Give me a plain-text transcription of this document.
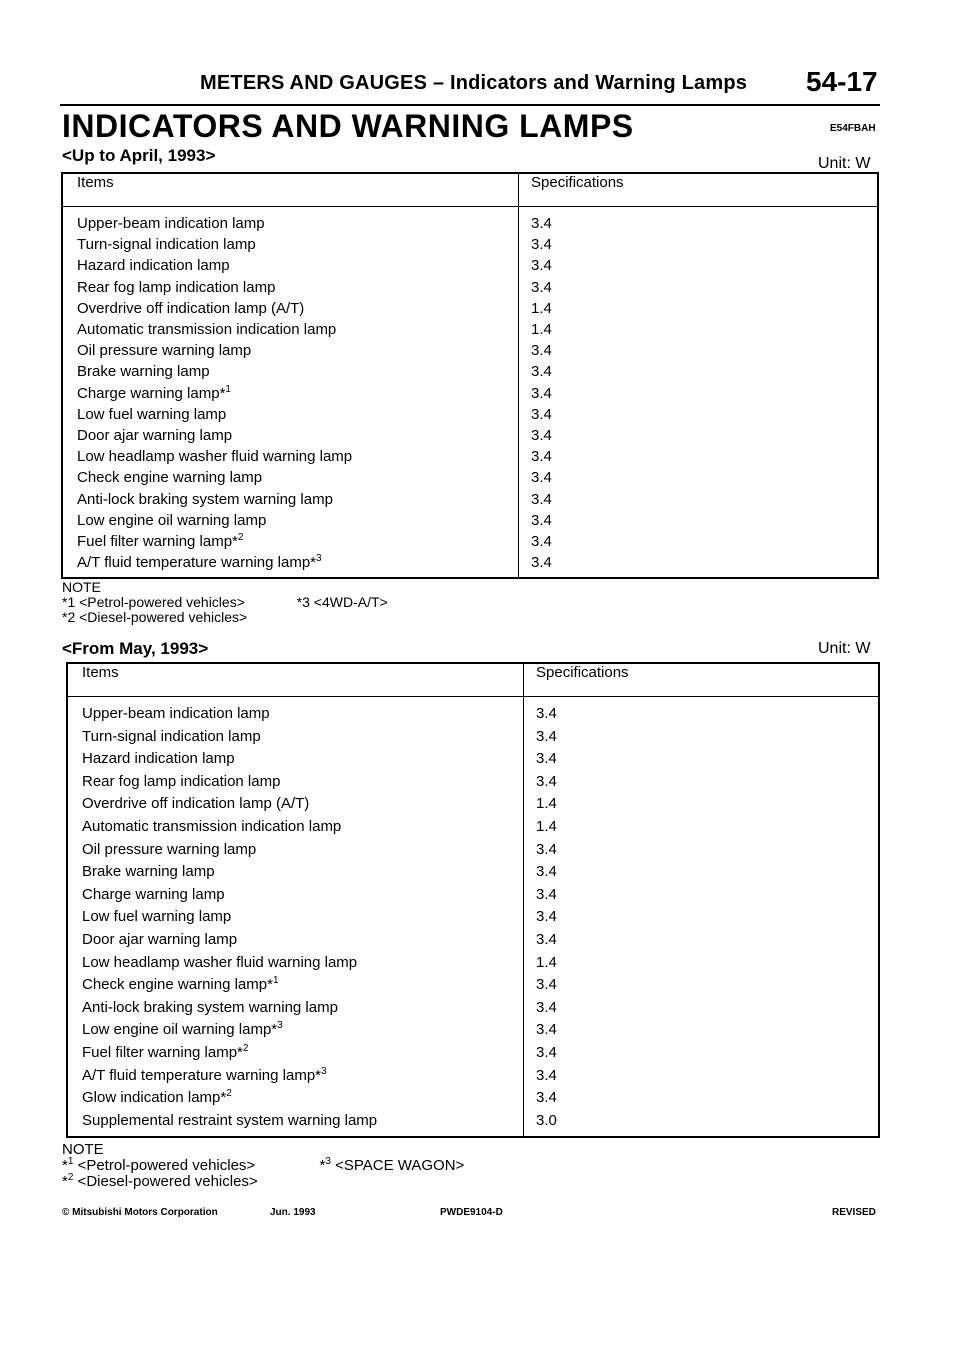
METERS AND GAUGES – Indicators and Warning Lamps 54-17
INDICATORS AND WARNING LAMPS	E54FBAH
<Up to April, 1993>	Unit: W
Items	Specifications
Upper-beam indication lamp	3.4
Turn-signal indication lamp	3.4
Hazard indication lamp	3.4
Rear fog lamp indication lamp	3.4
Overdrive off indication lamp (A/T)	1.4
Automatic transmission indication lamp	1.4
Oil pressure warning lamp	3.4
Brake warning lamp	3.4
Charge warning lamp*$^1$	3.4
Low fuel warning lamp	3.4
Door ajar warning lamp	3.4
Low headlamp washer fluid warning lamp	3.4
Check engine warning lamp	3.4
Anti-lock braking system warning lamp	3.4
Low engine oil warning lamp	3.4
Fuel filter warning lamp*$^2$	3.4
A/T fluid temperature warning lamp*$^3$	3.4
NOTE
*1 <Petrol-powered vehicles>	*3 <4WD-A/T>
*2 <Diesel-powered vehicles>
<From May, 1993>	Unit: W
Items	Specifications
Upper-beam indication lamp	3.4
Turn-signal indication lamp	3.4
Hazard indication lamp	3.4
Rear fog lamp indication lamp	3.4
Overdrive off indication lamp (A/T)	1.4
Automatic transmission indication lamp	1.4
Oil pressure warning lamp	3.4
Brake warning lamp	3.4
Charge warning lamp	3.4
Low fuel warning lamp	3.4
Door ajar warning lamp	3.4
Low headlamp washer fluid warning lamp	1.4
Check engine warning lamp*$^1$	3.4
Anti-lock braking system warning lamp	3.4
Low engine oil warning lamp*$^3$	3.4
Fuel filter warning lamp*$^2$	3.4
A/T fluid temperature warning lamp*$^3$	3.4
Glow indication lamp*$^2$	3.4
Supplemental restraint system warning lamp	3.0
NOTE
*$^1$ <Petrol-powered vehicles>	*$^3$ <SPACE WAGON>
*$^2$ <Diesel-powered vehicles>
© Mitsubishi Motors Corporation	Jun. 1993	PWDE9104-D	REVISED
